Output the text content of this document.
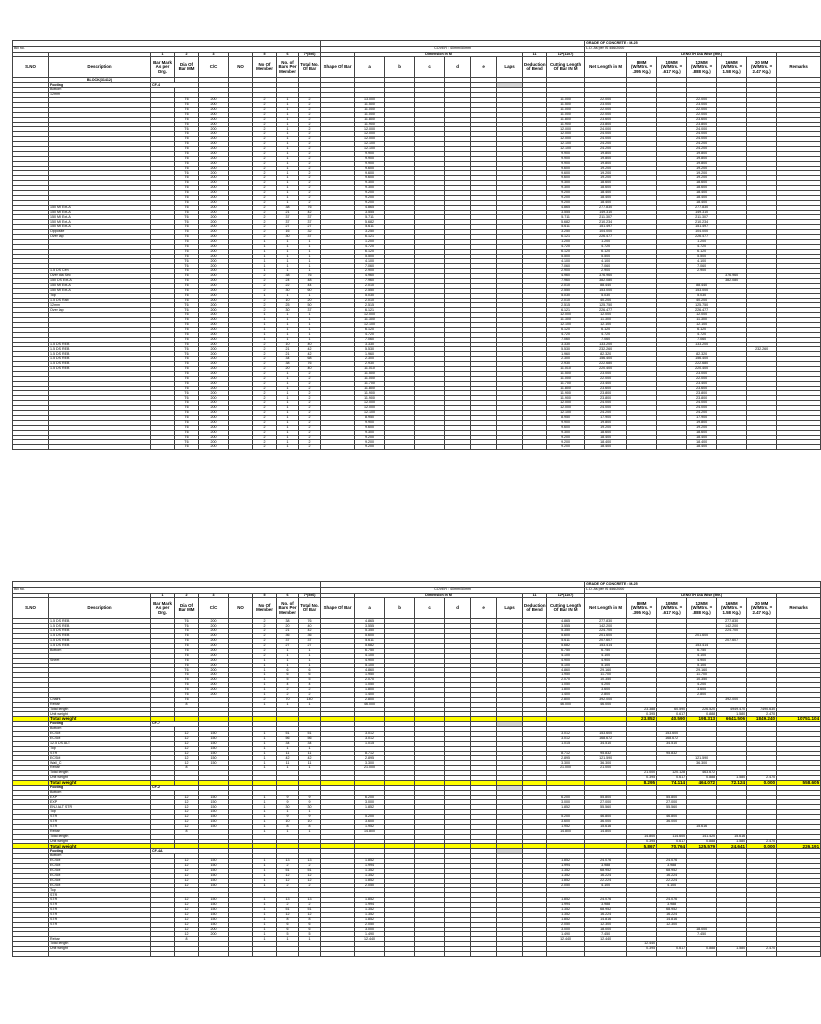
																		GRADE OF CONCRETE : M-25						
Bill no.									COVER : 40mm/50mm									L.D. As per IS 456/2000						
		1	2	3		5	6	7*(5x6)		Dimension in M						11	12*(11x7)		LENGTH DIA Wise (Mtr.)					
S.NO	Description	Bar Mark As per Drg.	Dia Of Bar MM	C/C	NO	No Of Member	No. of Bars Per Member	Total No. Of Bar	Shape Of Bar	a	b	c	d	e	Laps	Deduction of Bend	Cutting Length Of Bar IN M	Net Length in M	8MM (W/Mtrs. = .395 Kg.)	10MM (W/Mtrs. = .617 Kg.)	12MM (W/Mtrs. = .888 Kg.)	16MM (W/Mtrs. = 1.58 Kg.)	20 MM (W/Mtrs. = 2.47 Kg.)	Remarks
	BLOCK(31412)																							
	Footing	CF-4																						
	Bottom																							
	12mm																							
			T6	200		2	1	2		13.000							11.000	22.000			22.000			
			T6	200		2	1	2		11.500							11.500	23.000			23.000			
			T6	200		2	1	2		11.000							11.000	22.000			22.000			
			T6	200		2	1	2		11.000							11.000	22.000			22.000			
			T6	200		2	1	2		11.800							11.800	23.600			23.600			
			T6	200		2	1	2		11.900							11.900	23.800			23.800			
			T6	200		2	1	2		12.000							12.000	24.000			24.000			
			T6	200		2	1	2		12.000							12.000	24.000			24.000			
			T6	200		2	1	2		12.000							12.000	24.000			24.000			
			T6	200		2	1	2		12.100							12.100	24.200			24.200			
			T6	200		2	1	2		12.100							12.100	24.200			24.200			
			T6	200		2	1	2		9.900							9.900	19.800			19.800			
			T6	200		2	1	2		9.900							9.900	19.800			19.800			
			T6	200		2	1	2		9.900							9.900	19.800			19.800			
			T6	200		2	1	2		9.600							9.600	19.200			19.200			
			T6	200		2	1	2		9.600							9.600	19.200			19.200			
			T6	200		2	1	2		9.600							9.600	19.200			19.200			
			T6	200		2	1	2		9.300							9.300	18.600			18.600			
			T6	200		2	1	2		9.300							9.300	18.600			18.600			
			T6	200		2	1	2		9.200							9.200	18.400			18.400			
			T6	200		2	1	2		9.200							9.200	18.400			18.400			
			T6	200		2	1	2		9.200							9.200	18.400			18.400			
	150 MI Ext-A		T6	200		2	38	76		4.865							4.865	277.830			277.830			
	150 MI Ext-A		T6	200		2	21	42		3.555							3.555	149.310			149.310			
	150 MI Ext-A		T6	200		2	37	37		5.711							5.711	211.307			211.307			
	150 MI Ext-A		T6	200		2	37	37		5.682							5.682	210.234			210.234			
	150 MI Ext-A		T6	200		2	27	27		5.611							5.611	151.497			151.497			
	Opposite		T6	200		2	16	32		3.250							3.250	104.000			104.000			
	Over lap		T6	200		2	30	37		6.121							6.121	226.477			226.477			
			T6	200		1	1	1		1.200							1.200	1.200			1.200			
			T6	200		1	1	1		4.720							4.720	4.720			4.720			
			T6	200		1	1	1		6.120							6.120	6.120			6.120			
			T6	200		1	1	1		5.500							5.500	5.500			5.500			
			T6	200		1	1	1		4.100							4.100	4.100			4.100			
			T6	200		1	1	1		7.060							7.060	7.060			7.060			
	1.5 DS Cen		T6	200		1	1	1		2.900							2.900	2.900			2.900			
	Over dia Sec		T6	200		2	38	76		4.960							4.960	376.960				376.960		
	150 DS Ext-A		T6	200		2	24	48		7.960							7.960	382.080				382.080		
	150 MI Ext-A		T6	200		2	22	44		2.010							2.010	88.440			88.440			
	150 MI Ext-A		T6	200		2	30	60		2.550							2.550	153.000			153.000			
	Top		T6	200		1	1	1		5.030							5.030	5.030			5.030			
	1.5 DS Rab		T6	200		2	10	20		2.010							2.010	40.200			40.200			
	12mm		T6	200		2	25	50		2.515							2.515	125.750			125.750			
	Over lap		T6	200		2	30	37		6.121							6.121	226.477			226.477			
			T6	200		1	1	1		12.000							12.000	12.000			12.000			
			T6	200		1	1	1		11.300							11.300	11.300			11.300			
			T6	200		1	1	1		12.100							12.100	12.100			12.100			
			T6	200		1	1	1		6.120							6.120	6.120			6.120			
			T6	200		1	1	1		4.720							4.720	4.720			4.720			
			T6	200		1	1	1		7.060							7.060	7.060			7.060			
	1.5 DS REB		T6	200		2	10	40		3.330							3.330	133.200			133.200			
	1.5 DS REB		T6	200		2	21	42		5.530							5.530	232.260					232.260	
	1.5 DS REB		T6	200		2	21	42		1.960							1.960	82.320			82.320			
	1.5 DS REB		T6	200		2	34	68		2.300							2.300	156.400			156.400			
	1.5 DS REB		T6	200		2	38	76		2.930							2.930	222.680			222.680			
	1.5 DS REB		T6	200		2	20	40		11.010							11.010	220.400			220.400			
			T6	200		2	1	2		11.500							11.500	23.000			23.000			
			T6	200		2	1	2		11.000							11.000	22.000			22.000			
			T6	200		2	1	2		11.700							11.700	23.400			23.400			
			T6	200		2	1	2		11.800							11.800	23.600			23.600			
			T6	200		2	1	2		11.900							11.900	23.800			23.800			
			T6	200		2	1	2		11.900							11.900	23.800			23.800			
			T6	200		2	1	2		12.000							12.000	24.000			24.000			
			T6	200		2	1	2		12.000							12.000	24.000			24.000			
			T6	200		2	1	2		12.100							12.100	24.200			24.200			
			T6	200		2	1	2		8.950							8.950	17.900			17.900			
			T6	200		2	1	2		9.900							9.900	19.800			19.800			
			T6	200		2	1	2		9.600							9.600	19.200			19.200			
			T6	200		2	1	2		9.300							9.300	18.600			18.600			
			T6	200		2	1	2		9.200							9.200	18.400			18.400			
			T6	200		2	1	2		9.200							9.200	18.400			18.400			
			T6	200		2	1	2		9.200							9.200	18.400			18.400			
																		GRADE OF CONCRETE : M-25						
Bill no.									COVER : 40mm/50mm									L.D. As per IS 456/2000						
		1	2	3		5	6	7*(5x6)		Dimension in M						11	12*(11x7)		LENGTH DIA Wise (Mtr.)					
S.NO	Description	Bar Mark As per Drg.	Dia Of Bar MM	C/C	NO	No Of Member	No. of Bars Per Member	Total No. Of Bar	Shape Of Bar	a	b	c	d	e	Laps	Deduction of Bend	Cutting Length Of Bar IN M	Net Length in M	8MM (W/Mtrs. = .395 Kg.)	10MM (W/Mtrs. = .617 Kg.)	12MM (W/Mtrs. = .888 Kg.)	16MM (W/Mtrs. = 1.58 Kg.)	20 MM (W/Mtrs. = 2.47 Kg.)	Remarks
	1.5 DS REB		T6	200		2	38	76		4.865							4.865	277.830				277.830		
	1.5 DS REB		T6	200		2	20	40		3.555							3.555	142.200				142.200		
	1.5 DS REB		T6	200		2	21	42		5.350							5.350	224.700				224.700		
	1.5 DS REB		T6	200		2	36	36		5.600							5.600	201.600			201.600			
	1.5 DS REB		T6	200		2	37	37		5.611							5.611	207.607				207.607		
	1.5 DS REB		T6	200		2	27	27		5.682							5.682	153.414			153.414			
	Bottom		T6	200		2	1	1		6.750							6.750	6.750			6.750			
			T6	200		2	1	1		4.100							4.100	4.100			4.100			
	Sheet		T6	200		1	1	1		4.900							4.900	4.900			4.900			
			T6	200		1	1	1		5.100							5.100	5.100			5.100			
			T6	200		1	6	6		4.860							4.860	29.160			29.160			
			T6	200		1	6	6		1.950							1.950	11.700			11.700			
			T6	200		1	5	5		2.070							2.070	10.350			10.350			
			T6	200		1	4	4		1.050							1.050	4.200			4.200			
			T6	200		1	2	2		1.800							1.800	3.600			3.600			
			T6	200		1	2	2		1.400							1.400	2.800			2.800			
	Chairs		T6			2	70	140		2.800							2.800	392.000				392.000		
	Rebar		8			1	1	1		46.000							46.000	46.000						
	Total length																		23.388	60.590	226.520	4949.470	7490.630	
	Unit weight																		0.395	0.617	0.888	1.580	2.470	
	Total weight																		23.852	40.590	198.313	6641.506	1849.240	10751.104
	Footing	CF-7																						
	Bottom																							
	ECSM		12	150		1	51	51		3.012							3.012	153.600		153.600				
	ECSM		12	150		1	56	56		3.012							3.012	168.672		168.672				
	12.5 DS ALT		12	150		1	34	34		1.015							1.015	34.510		34.510				
	Top		12	150		1	1	1																
	STR		12	150		1	11	11		8.712							8.712	95.832		95.832				
	ECSM		12	150		1	42	42		2.895							2.895	121.590			121.590			
	Wall_C		12	150		1	11	11		3.300							3.300	36.300			36.300			
	Rebar		8			1	1	1		21.000							21.000	21.000						
	Total length																		21.000	120.128	463.672			
	Unit weight																		0.395	0.617	0.888	1.580	2.470	
	Total weight																		8.295	74.114	464.072	72.124	0.000	558.605
	Footing	CF-2																						
	Bottom																							
	EXP		12	150		1	9	9		6.200							6.200	55.800		55.800				
	EXP		12	150		1	9	9		3.000							3.000	27.000		27.000				
	ENJ ALT STR		12	150		1	30	30		1.852							1.852	55.560		55.560				
	Top		12	150		1	1	1																
	STR		12	150		1	9	9		5.200							5.200	46.800		46.800				
	STR		12	150		1	10	10		3.600							3.600	36.000		36.000				
	STR		12	150		1	8	8		1.952							1.952	15.616			15.616			
	Rebar		8			1	1	1		14.800							14.800	14.800						
	Total length																		14.800	114.600	141.420	15.616		
	Unit weight																		0.395	0.617	0.888	1.580	2.470	
	Total weight																		5.867	70.764	125.579	24.641	0.000	226.191
	Footing	CF-4A																						
	Bottom																							
	ECSM		12	150		1	13	13		1.852							1.852	24.076		24.076				
	ECSM		12	150		1	2	2		1.994							1.994	3.988		3.988				
	ECSM		12	150		1	51	51		1.352							1.352	68.952		68.952				
	ECSM		12	150		1	12	12		1.352							1.352	16.224		16.224				
	ECSM		12	150		1	12	12		1.852							1.852	22.224		22.224				
	ECSM		12	150		1	2	2		2.050							2.050	4.100		4.100				
	Top																							
	STR																							
	STR		12	150		1	13	13		1.852							1.852	24.076		24.076				
	STR		12	150		1	2	2		1.994							1.994	3.988		3.988				
	STR		12	150		1	51	51		1.352							1.352	68.952		68.952				
	STR		12	150		1	12	12		1.352							1.352	16.224		16.224				
	STR		12	150		1	8	8		1.852							1.852	14.816		14.816				
	STR		12	150		1	6	6		2.050							2.050	12.300		12.300				
			12	200		1	6	6		3.000							3.000	18.000			18.000			
			12	200		1	5	5		1.490							1.490	7.450			7.450			
	Rebar		8			1	1	1		12.440							12.440	12.440						
	Total length																		12.440					
	Unit weight																		0.395	0.617	0.888	1.580	2.470	
